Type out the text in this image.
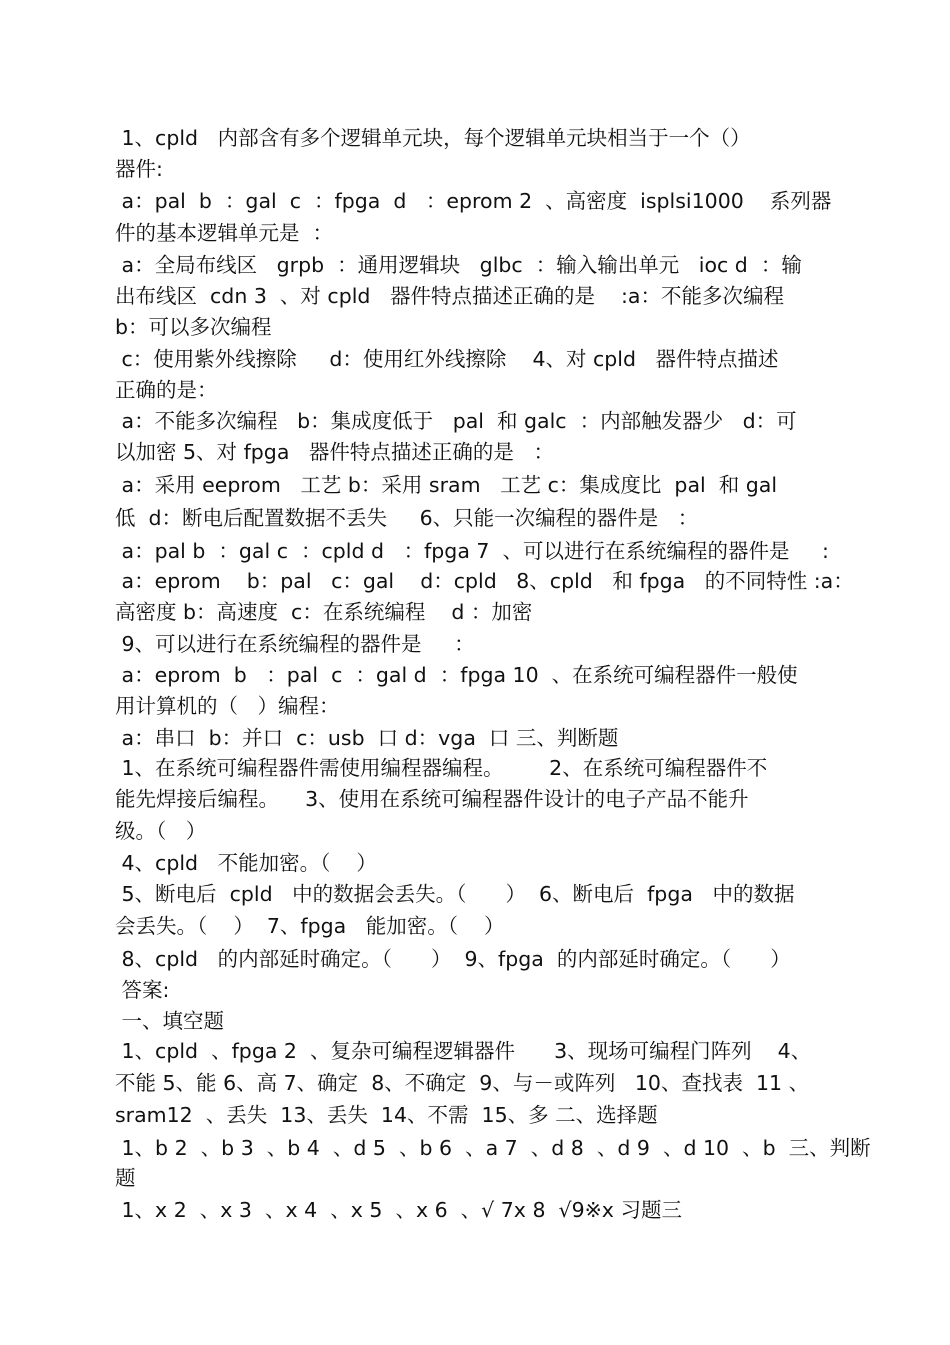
1、cpld   内部含有多个逻辑单元块，每个逻辑单元块相当于一个（）
器件:
a：pal  b  ：gal  c  ：fpga  d   ：eprom 2  、高密度  isplsi1000    系列器
件的基本逻辑单元是  ：
a：全局布线区   grpb  ：通用逻辑块   glbc  ：输入输出单元   ioc d  ：输
出布线区  cdn 3  、对 cpld   器件特点描述正确的是    :a：不能多次编程
b：可以多次编程
c：使用紫外线擦除     d：使用红外线擦除    4、对 cpld   器件特点描述
正确的是：
a：不能多次编程   b：集成度低于   pal  和 galc  ：内部触发器少   d：可
以加密 5、对 fpga   器件特点描述正确的是   ：
a：采用 eeprom   工艺 b：采用 sram   工艺 c：集成度比  pal  和 gal
低  d：断电后配置数据不丢失     6、只能一次编程的器件是   ：
a：pal b  ：gal c  ：cpld d   ：fpga 7  、可以进行在系统编程的器件是     :
a：eprom    b：pal   c：gal    d：cpld   8、cpld   和 fpga   的不同特性 :a：
高密度 b：高速度  c：在系统编程    d ：加密
9、可以进行在系统编程的器件是     ：
a：eprom  b   ：pal  c  ：gal d  ：fpga 10  、在系统可编程器件一般使
用计算机的（   ）编程：
a：串口  b：并口  c：usb  口 d：vga  口 三、判断题
1、在系统可编程器件需使用编程器编程。       2、在系统可编程器件不
能先焊接后编程。    3、使用在系统可编程器件设计的电子产品不能升
级。（   ）
4、cpld   不能加密。（    ）
5、断电后  cpld   中的数据会丢失。（      ）  6、断电后  fpga   中的数据
会丢失。（    ）  7、fpga   能加密。（    ）
8、cpld   的内部延时确定。（      ）  9、fpga  的内部延时确定。（      ）
答案:
一、填空题
1、cpld  、fpga 2  、复杂可编程逻辑器件      3、现场可编程门阵列    4、
不能 5、能 6、高 7、确定  8、不确定  9、与－或阵列   10、查找表  11 、
sram12  、丢失  13、丢失  14、不需  15、多 二、选择题
1、b 2  、b 3  、b 4  、d 5  、b 6  、a 7  、d 8  、d 9  、d 10  、b  三、判断
题
1、x 2  、x 3  、x 4  、x 5  、x 6  、√ 7x 8  √9※x 习题三
